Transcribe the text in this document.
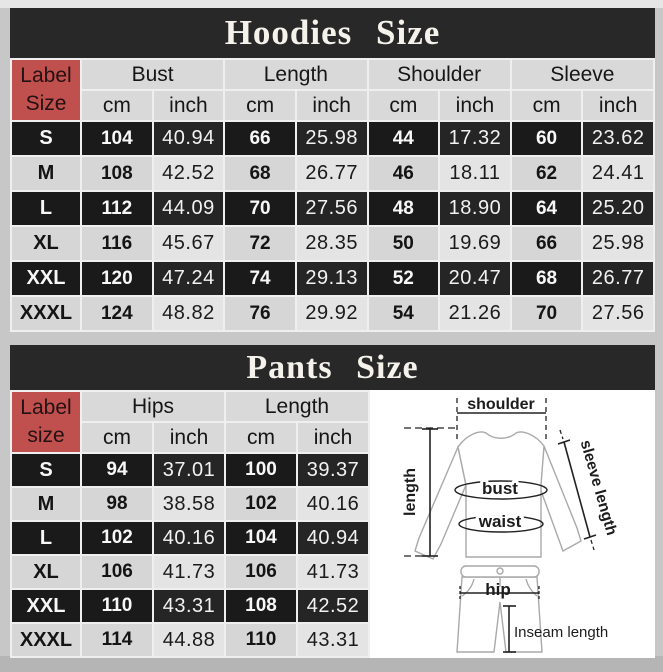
Hoodies Size
Label
Size	Bust		Length		Shoulder		Sleeve	
	cm	inch	cm	inch	cm	inch	cm	inch
S	104	40.94	66	25.98	44	17.32	60	23.62
M	108	42.52	68	26.77	46	18.11	62	24.41
L	112	44.09	70	27.56	48	18.90	64	25.20
XL	116	45.67	72	28.35	50	19.69	66	25.98
XXL	120	47.24	74	29.13	52	20.47	68	26.77
XXXL	124	48.82	76	29.92	54	21.26	70	27.56
Pants Size
Label
size	Hips		Length	
	cm	inch	cm	inch
S	94	37.01	100	39.37
M	98	38.58	102	40.16
L	102	40.16	104	40.94
XL	106	41.73	106	41.73
XXL	110	43.31	108	42.52
XXXL	114	44.88	110	43.31
shoulder
length	bust
waist	sleeve length
hip
Inseam length
